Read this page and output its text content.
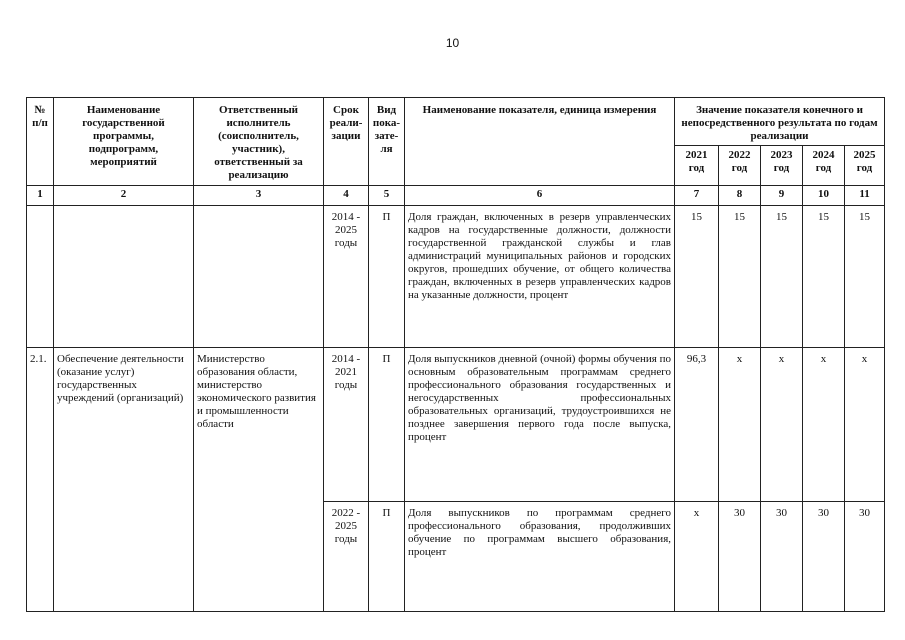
10
№ п/п	Наименование государственной программы, подпрограмм, мероприятий	Ответственный исполнитель (соисполнитель, участник), ответственный за реализацию	Срок реали-зации	Вид пока-зате-ля	Наименование показателя, единица измерения	Значение показателя конечного и непосредственного результата по годам реализации				
						2021 год	2022 год	2023 год	2024 год	2025 год
1	2	3	4	5	6	7	8	9	10	11
			2014 - 2025 годы	П	Доля граждан, включенных в резерв управленческих кадров на государственные должности, должности государственной гражданской службы и глав администраций муниципальных районов и городских округов, прошедших обучение, от общего количества граждан, включенных в резерв управленческих кадров на указанные должности, процент	15	15	15	15	15
2.1.	Обеспечение деятельности (оказание услуг) государственных учреждений (организаций)	Министерство образования области, министерство экономического развития и промышленности области	2014 - 2021 годы	П	Доля выпускников дневной (очной) формы обучения по основным образовательным программам среднего профессионального образования государственных и негосударственных профессиональных образовательных организаций, трудоустроившихся не позднее завершения первого года после выпуска, процент	96,3	x	x	x	x
			2022 - 2025 годы	П	Доля выпускников по программам среднего профессионального образования, продолживших обучение по программам высшего образования, процент	x	30	30	30	30
